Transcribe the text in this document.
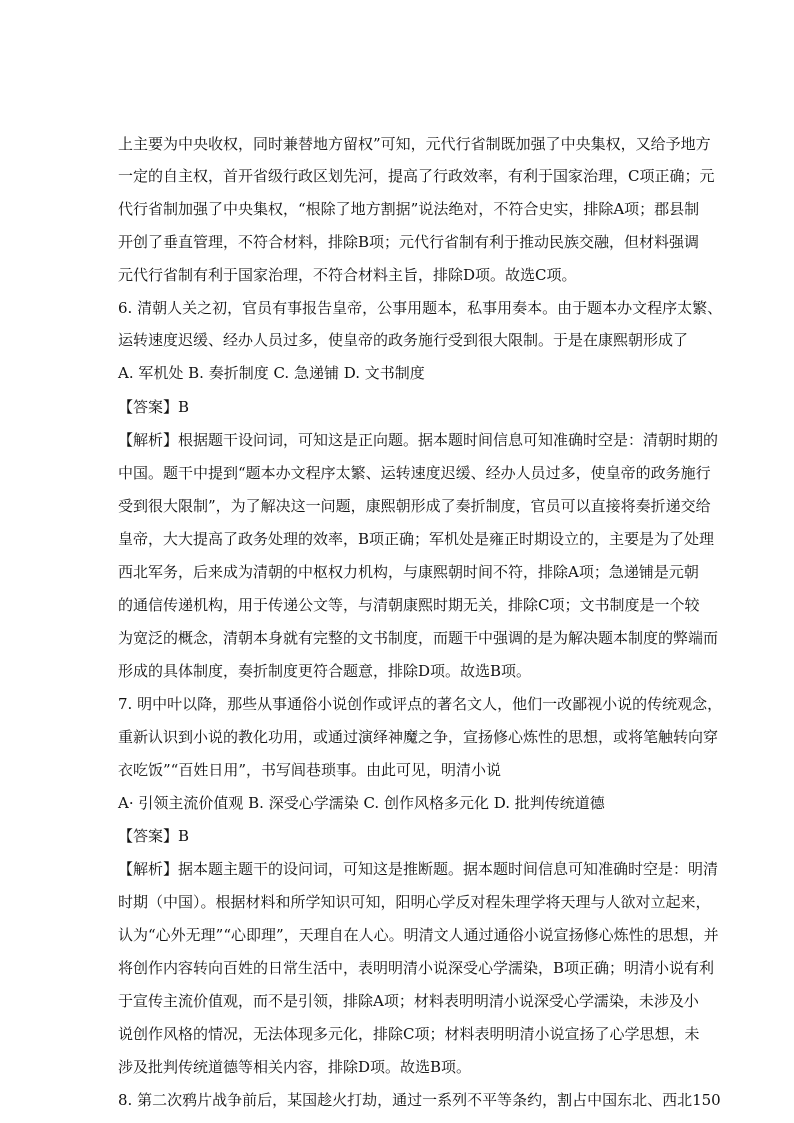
上主要为中央收权，同时兼替地方留权”可知，元代行省制既加强了中央集权，又给予地方
一定的自主权，首开省级行政区划先河，提高了行政效率，有利于国家治理，C项正确；元
代行省制加强了中央集权，“根除了地方割据”说法绝对，不符合史实，排除A项；郡县制
开创了垂直管理，不符合材料，排除B项；元代行省制有利于推动民族交融，但材料强调
元代行省制有利于国家治理，不符合材料主旨，排除D项。故选C项。
6. 清朝人关之初，官员有事报告皇帝，公事用题本，私事用奏本。由于题本办文程序太繁、
运转速度迟缓、经办人员过多，使皇帝的政务施行受到很大限制。于是在康熙朝形成了
A. 军机处 B. 奏折制度 C. 急递铺 D. 文书制度
【答案】B
【解析】根据题干设问词，可知这是正向题。据本题时间信息可知准确时空是：清朝时期的
中国。题干中提到“题本办文程序太繁、运转速度迟缓、经办人员过多，使皇帝的政务施行
受到很大限制”，为了解决这一问题，康熙朝形成了奏折制度，官员可以直接将奏折递交给
皇帝，大大提高了政务处理的效率，B项正确；军机处是雍正时期设立的，主要是为了处理
西北军务，后来成为清朝的中枢权力机构，与康熙朝时间不符，排除A项；急递铺是元朝
的通信传递机构，用于传递公文等，与清朝康熙时期无关，排除C项；文书制度是一个较
为宽泛的概念，清朝本身就有完整的文书制度，而题干中强调的是为解决题本制度的弊端而
形成的具体制度，奏折制度更符合题意，排除D项。故选B项。
7. 明中叶以降，那些从事通俗小说创作或评点的著名文人，他们一改鄙视小说的传统观念，
重新认识到小说的教化功用，或通过演绎神魔之争，宣扬修心炼性的思想，或将笔触转向穿
衣吃饭”“百姓日用”，书写闾巷琐事。由此可见，明清小说
A· 引领主流价值观 B. 深受心学濡染 C. 创作风格多元化 D. 批判传统道德
【答案】B
【解析】据本题主题干的设问词，可知这是推断题。据本题时间信息可知准确时空是：明清
时期（中国）。根据材料和所学知识可知，阳明心学反对程朱理学将天理与人欲对立起来，
认为“心外无理”“心即理”，天理自在人心。明清文人通过通俗小说宣扬修心炼性的思想，并
将创作内容转向百姓的日常生活中，表明明清小说深受心学濡染，B项正确；明清小说有利
于宣传主流价值观，而不是引领，排除A项；材料表明明清小说深受心学濡染，未涉及小
说创作风格的情况，无法体现多元化，排除C项；材料表明明清小说宣扬了心学思想，未
涉及批判传统道德等相关内容，排除D项。故选B项。
8. 第二次鸦片战争前后，某国趁火打劫，通过一系列不平等条约，割占中国东北、西北150
